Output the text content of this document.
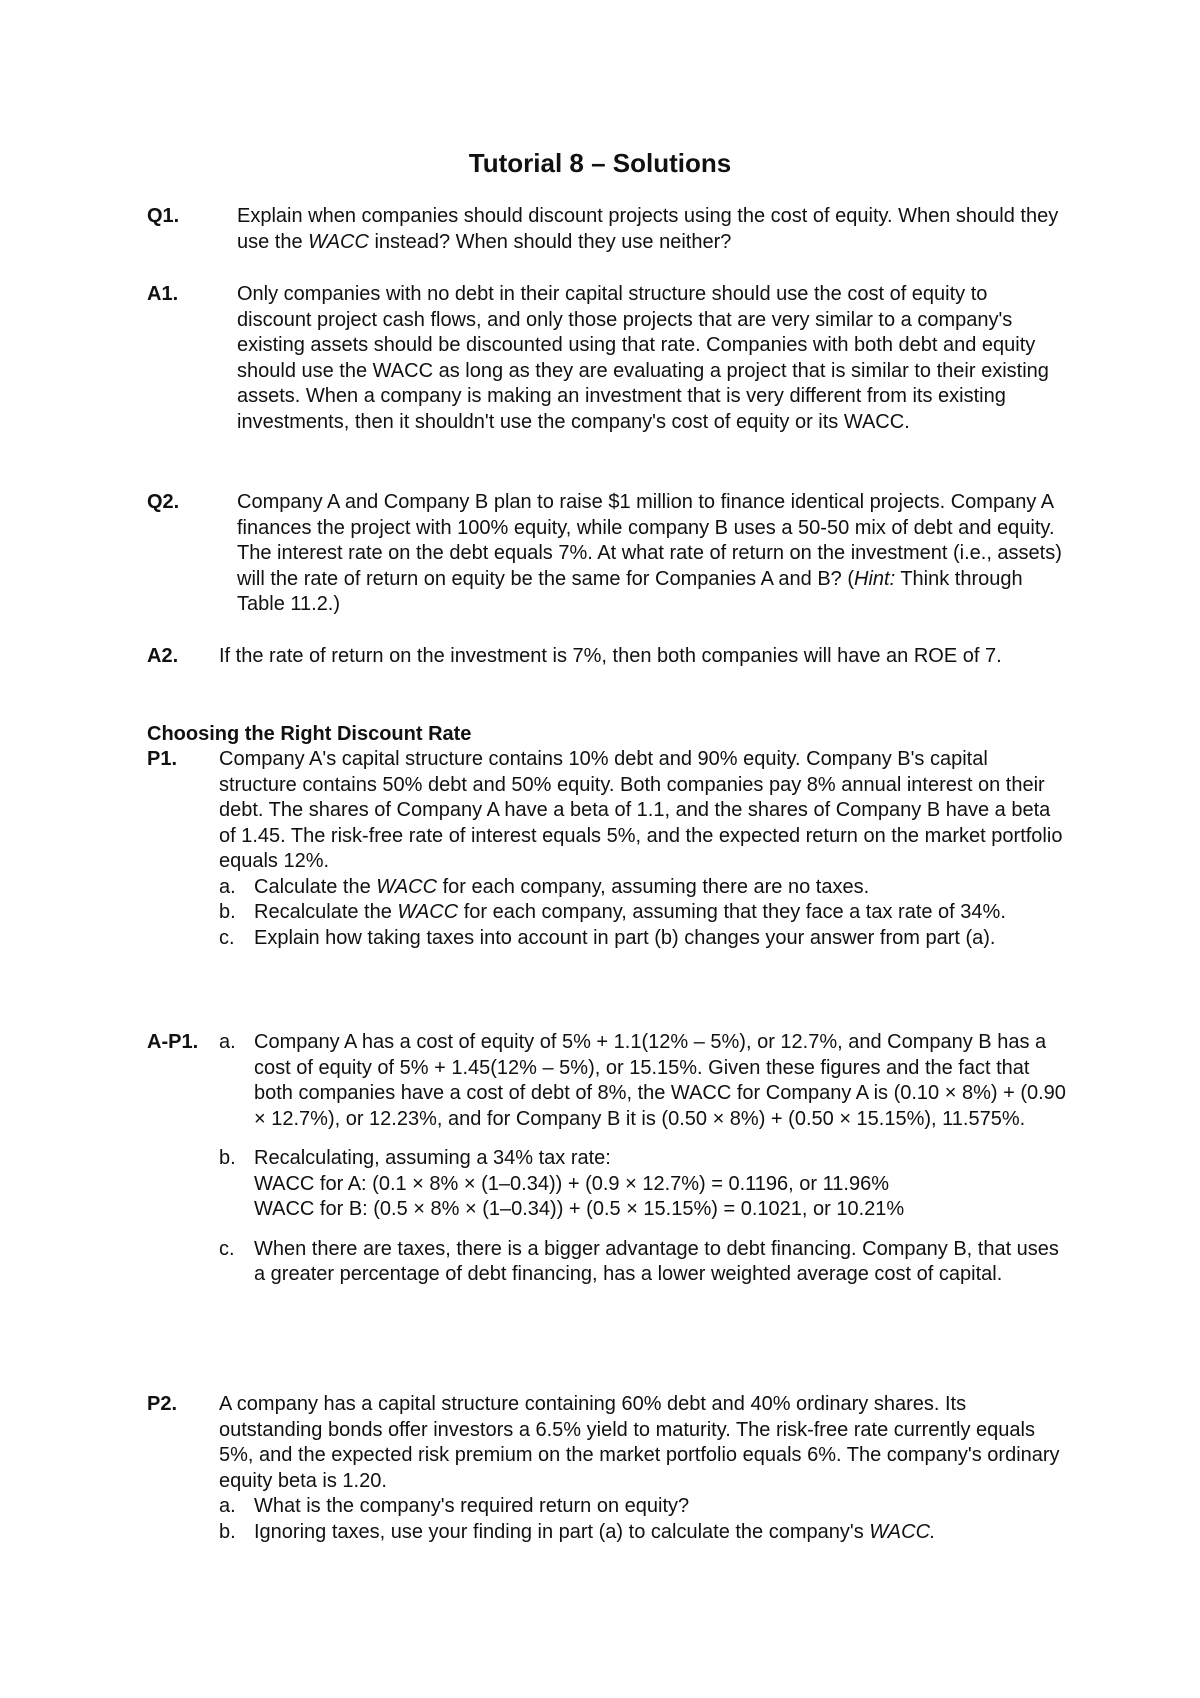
Tutorial 8 – Solutions
Q1.	Explain when companies should discount projects using the cost of equity. When should they use the WACC instead? When should they use neither?

A1.	Only companies with no debt in their capital structure should use the cost of equity to discount project cash flows, and only those projects that are very similar to a company's existing assets should be discounted using that rate. Companies with both debt and equity should use the WACC as long as they are evaluating a project that is similar to their existing assets. When a company is making an investment that is very different from its existing investments, then it shouldn't use the company's cost of equity or its WACC.

Q2.	Company A and Company B plan to raise $1 million to finance identical projects. Company A finances the project with 100% equity, while company B uses a 50-50 mix of debt and equity. The interest rate on the debt equals 7%. At what rate of return on the investment (i.e., assets) will the rate of return on equity be the same for Companies A and B? (Hint: Think through Table 11.2.)

A2. If the rate of return on the investment is 7%, then both companies will have an ROE of 7.

Choosing the Right Discount Rate
P1. Company A's capital structure contains 10% debt and 90% equity. Company B's capital structure contains 50% debt and 50% equity. Both companies pay 8% annual interest on their debt. The shares of Company A have a beta of 1.1, and the shares of Company B have a beta of 1.45. The risk-free rate of interest equals 5%, and the expected return on the market portfolio equals 12%.

a. Calculate the WACC for each company, assuming there are no taxes.
b. Recalculate the WACC for each company, assuming that they face a tax rate of 34%.
c. Explain how taking taxes into account in part (b) changes your answer from part (a).
A-P1. a. Company A has a cost of equity of 5% + 1.1(12% – 5%), or 12.7%, and Company B has a cost of equity of 5% + 1.45(12% – 5%), or 15.15%. Given these figures and the fact that both companies have a cost of debt of 8%, the WACC for Company A is (0.10 × 8%) + (0.90 × 12.7%), or 12.23%, and for Company B it is (0.50 × 8%) + (0.50 × 15.15%), 11.575%.
b. Recalculating, assuming a 34% tax rate:
WACC for A: (0.1 × 8% × (1–0.34)) + (0.9 × 12.7%) = 0.1196, or 11.96%
WACC for B: (0.5 × 8% × (1–0.34)) + (0.5 × 15.15%) = 0.1021, or 10.21%
c. When there are taxes, there is a bigger advantage to debt financing. Company B, that uses a greater percentage of debt financing, has a lower weighted average cost of capital.
P2. A company has a capital structure containing 60% debt and 40% ordinary shares. Its outstanding bonds offer investors a 6.5% yield to maturity. The risk-free rate currently equals 5%, and the expected risk premium on the market portfolio equals 6%. The company's ordinary equity beta is 1.20.

a. What is the company's required return on equity?
b. Ignoring taxes, use your finding in part (a) to calculate the company's WACC.
